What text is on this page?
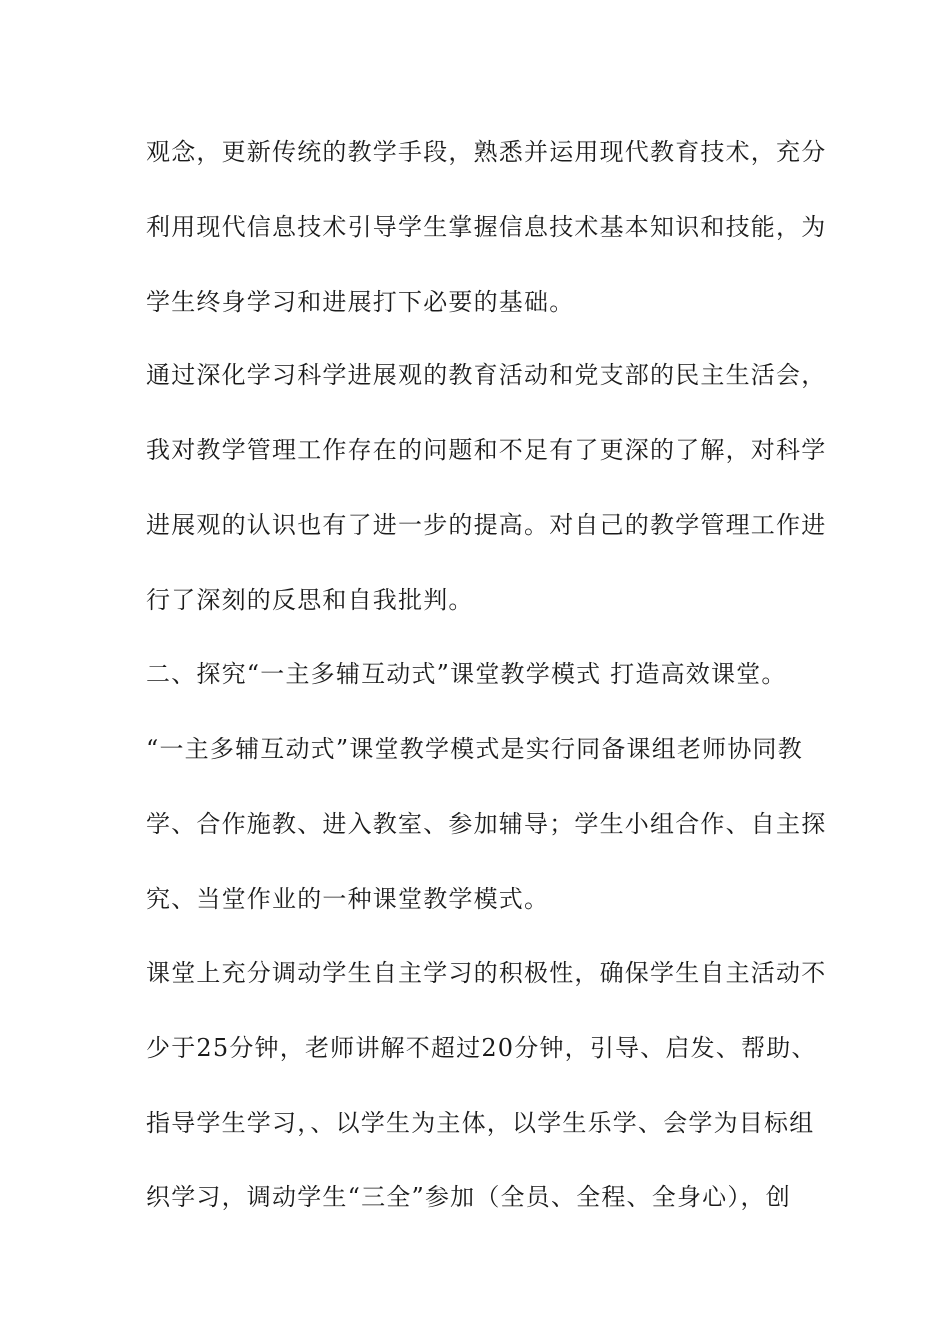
观念，更新传统的教学手段，熟悉并运用现代教育技术，充分
利用现代信息技术引导学生掌握信息技术基本知识和技能，为
学生终身学习和进展打下必要的基础。
通过深化学习科学进展观的教育活动和党支部的民主生活会，
我对教学管理工作存在的问题和不足有了更深的了解，对科学
进展观的认识也有了进一步的提高。对自己的教学管理工作进
行了深刻的反思和自我批判。
二、探究“一主多辅互动式”课堂教学模式 打造高效课堂。
“一主多辅互动式”课堂教学模式是实行同备课组老师协同教
学、合作施教、进入教室、参加辅导；学生小组合作、自主探
究、当堂作业的一种课堂教学模式。
课堂上充分调动学生自主学习的积极性，确保学生自主活动不
少于25分钟，老师讲解不超过20分钟，引导、启发、帮助、
指导学生学习，、以学生为主体，以学生乐学、会学为目标组
织学习，调动学生“三全”参加（全员、全程、全身心），创
